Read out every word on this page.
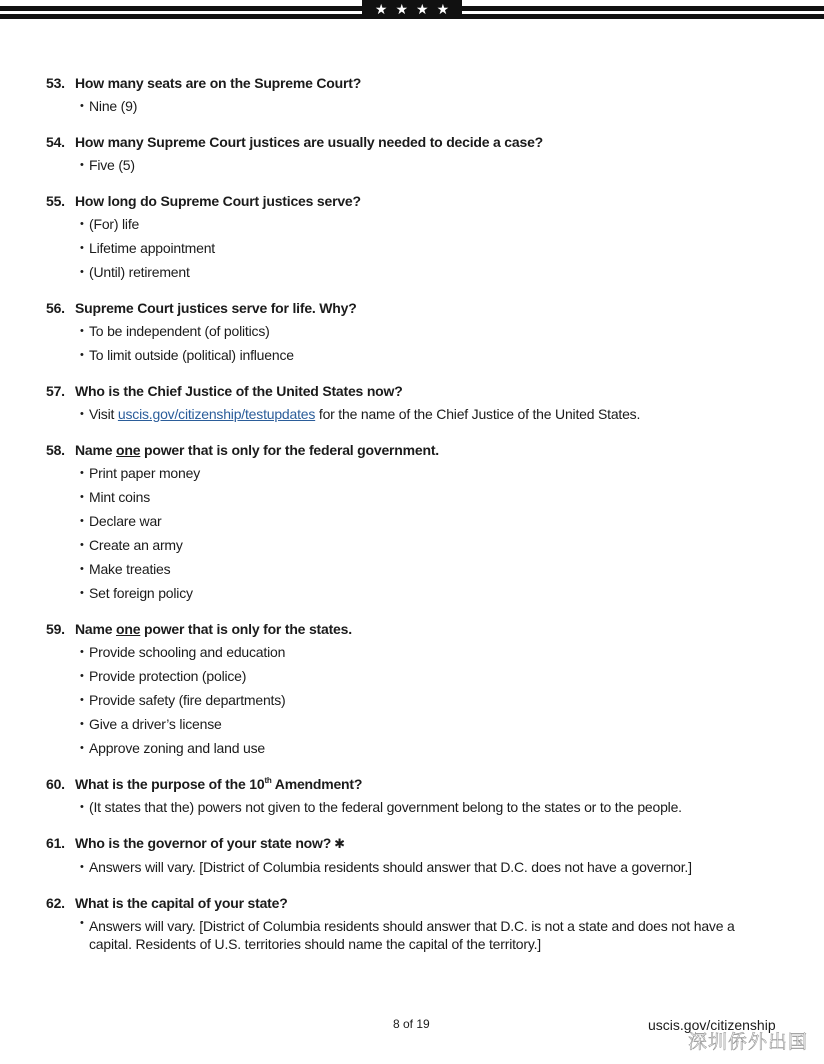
★ ★ ★ ★
53. How many seats are on the Supreme Court?
• Nine (9)
54. How many Supreme Court justices are usually needed to decide a case?
• Five (5)
55. How long do Supreme Court justices serve?
• (For) life
• Lifetime appointment
• (Until) retirement
56. Supreme Court justices serve for life. Why?
• To be independent (of politics)
• To limit outside (political) influence
57. Who is the Chief Justice of the United States now?
• Visit uscis.gov/citizenship/testupdates for the name of the Chief Justice of the United States.
58. Name one power that is only for the federal government.
• Print paper money
• Mint coins
• Declare war
• Create an army
• Make treaties
• Set foreign policy
59. Name one power that is only for the states.
• Provide schooling and education
• Provide protection (police)
• Provide safety (fire departments)
• Give a driver’s license
• Approve zoning and land use
60. What is the purpose of the 10th Amendment?
• (It states that the) powers not given to the federal government belong to the states or to the people.
61. Who is the governor of your state now? ✱
• Answers will vary. [District of Columbia residents should answer that D.C. does not have a governor.]
62. What is the capital of your state?
• Answers will vary. [District of Columbia residents should answer that D.C. is not a state and does not have a capital. Residents of U.S. territories should name the capital of the territory.]
8 of 19	uscis.gov/citizenship
深圳侨外出国
